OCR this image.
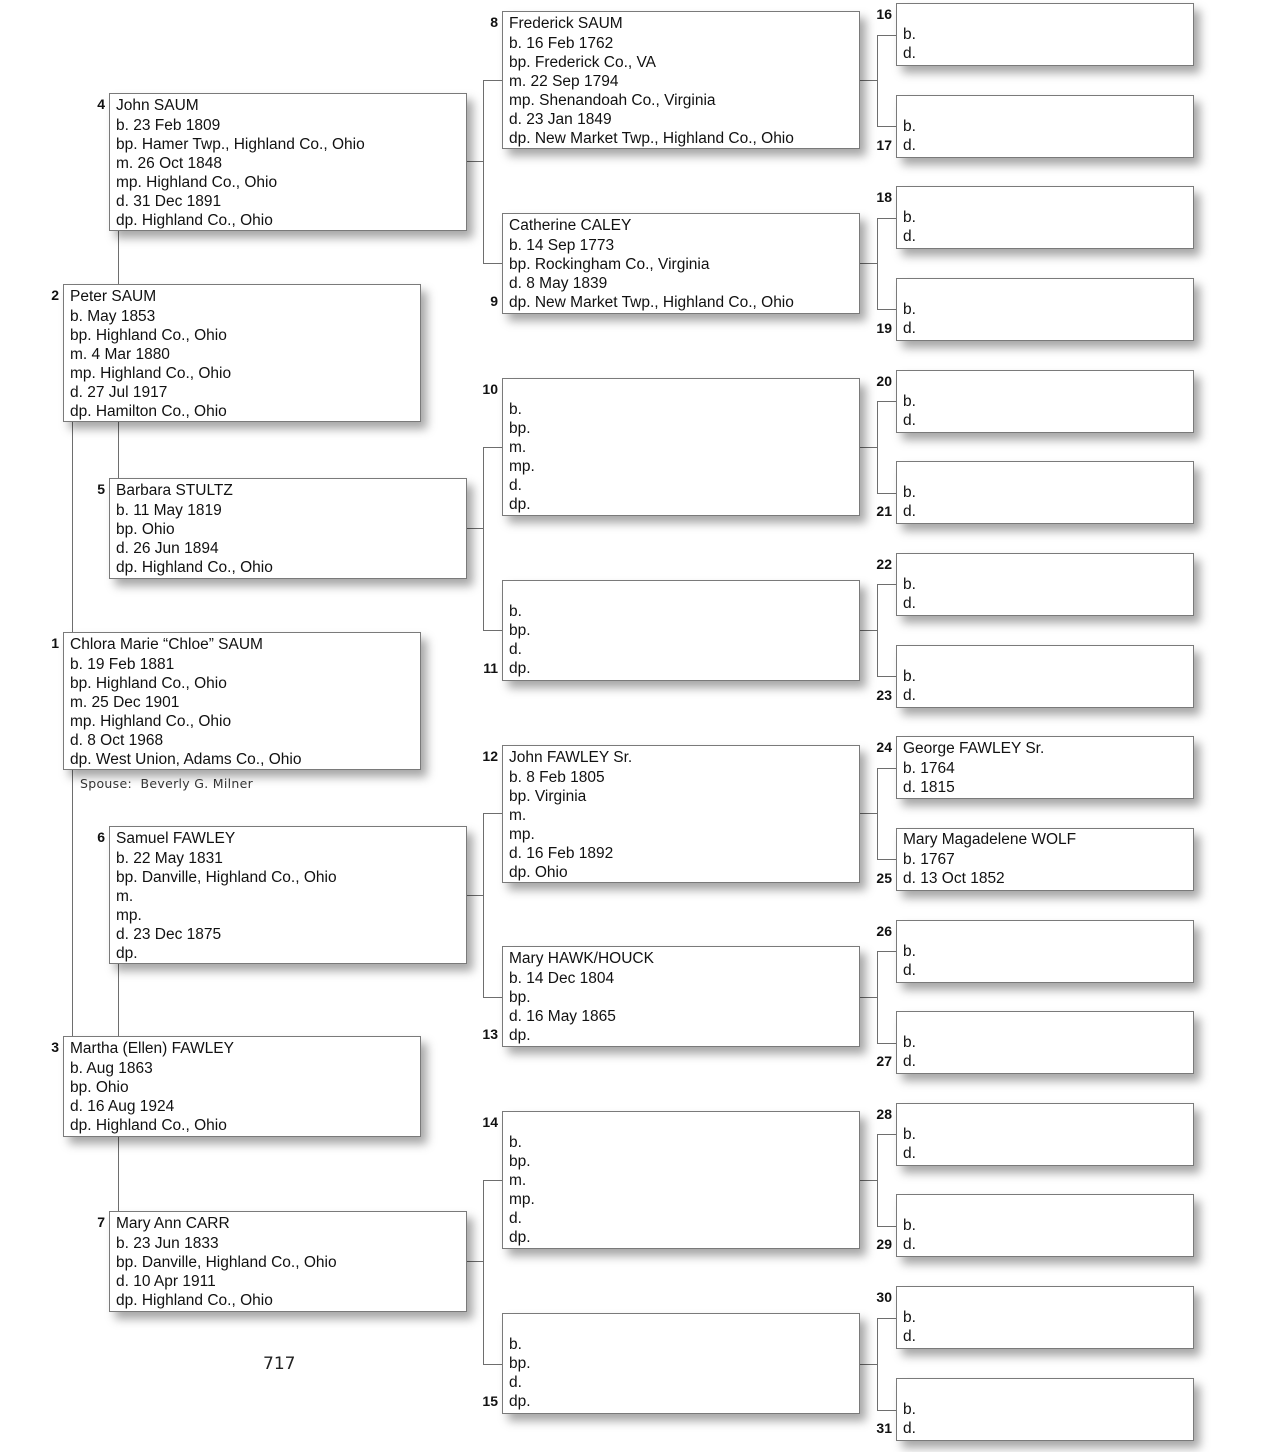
Chlora Marie “Chloe” SAUM
b. 19 Feb 1881
bp. Highland Co., Ohio
m. 25 Dec 1901
mp. Highland Co., Ohio
d. 8 Oct 1968
dp. West Union, Adams Co., Ohio
1
Peter SAUM
b. May 1853
bp. Highland Co., Ohio
m. 4 Mar 1880
mp. Highland Co., Ohio
d. 27 Jul 1917
dp. Hamilton Co., Ohio
2
Martha (Ellen) FAWLEY
b. Aug 1863
bp. Ohio
d. 16 Aug 1924
dp. Highland Co., Ohio
3
John SAUM
b. 23 Feb 1809
bp. Hamer Twp., Highland Co., Ohio
m. 26 Oct 1848
mp. Highland Co., Ohio
d. 31 Dec 1891
dp. Highland Co., Ohio
4
Barbara STULTZ
b. 11 May 1819
bp. Ohio
d. 26 Jun 1894
dp. Highland Co., Ohio
5
Samuel FAWLEY
b. 22 May 1831
bp. Danville, Highland Co., Ohio
m.
mp.
d. 23 Dec 1875
dp.
6
Mary Ann CARR
b. 23 Jun 1833
bp. Danville, Highland Co., Ohio
d. 10 Apr 1911
dp. Highland Co., Ohio
7
Frederick SAUM
b. 16 Feb 1762
bp. Frederick Co., VA
m. 22 Sep 1794
mp. Shenandoah Co., Virginia
d. 23 Jan 1849
dp. New Market Twp., Highland Co., Ohio
8
Catherine CALEY
b. 14 Sep 1773
bp. Rockingham Co., Virginia
d. 8 May 1839
dp. New Market Twp., Highland Co., Ohio
9
b.
bp.
m.
mp.
d.
dp.
10
b.
bp.
d.
dp.
11
John FAWLEY Sr.
b. 8 Feb 1805
bp. Virginia
m.
mp.
d. 16 Feb 1892
dp. Ohio
12
Mary HAWK/HOUCK
b. 14 Dec 1804
bp.
d. 16 May 1865
dp.
13
b.
bp.
m.
mp.
d.
dp.
14
b.
bp.
d.
dp.
15
b.
d.
16
b.
d.
17
b.
d.
18
b.
d.
19
b.
d.
20
b.
d.
21
b.
d.
22
b.
d.
23
George FAWLEY Sr.
b. 1764
d. 1815
24
Mary Magadelene WOLF
b. 1767
d. 13 Oct 1852
25
b.
d.
26
b.
d.
27
b.
d.
28
b.
d.
29
b.
d.
30
b.
d.
31
Spouse: Beverly G. Milner
717
